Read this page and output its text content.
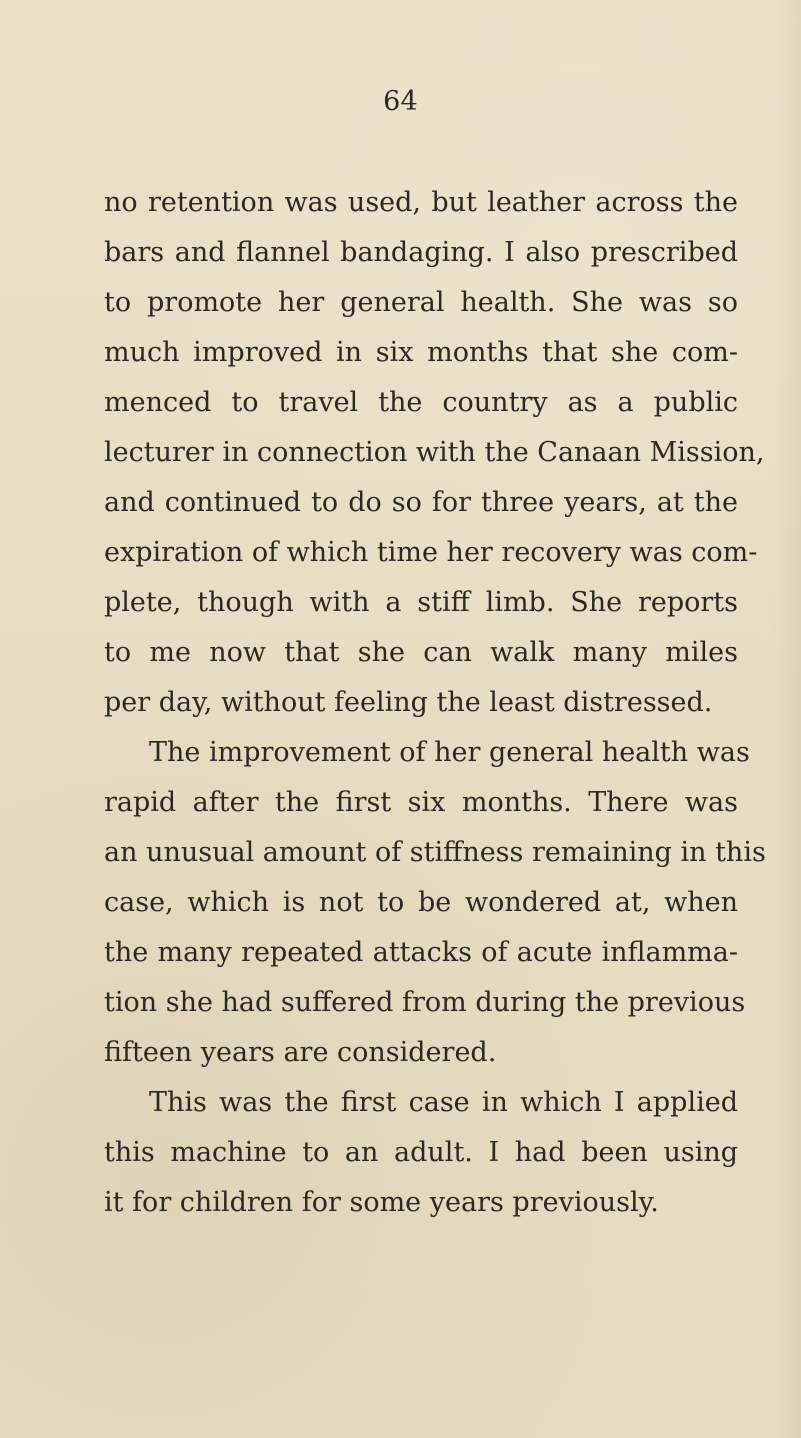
64
no retention was used, but leather across the
bars and flannel bandaging. I also prescribed
to promote her general health. She was so
much improved in six months that she com-
menced to travel the country as a public
lecturer in connection with the Canaan Mission,
and continued to do so for three years, at the
expiration of which time her recovery was com-
plete, though with a stiff limb. She reports
to me now that she can walk many miles
per day, without feeling the least distressed.
The improvement of her general health was
rapid after the first six months. There was
an unusual amount of stiffness remaining in this
case, which is not to be wondered at, when
the many repeated attacks of acute inflamma-
tion she had suffered from during the previous
fifteen years are considered.
This was the first case in which I applied
this machine to an adult. I had been using
it for children for some years previously.
